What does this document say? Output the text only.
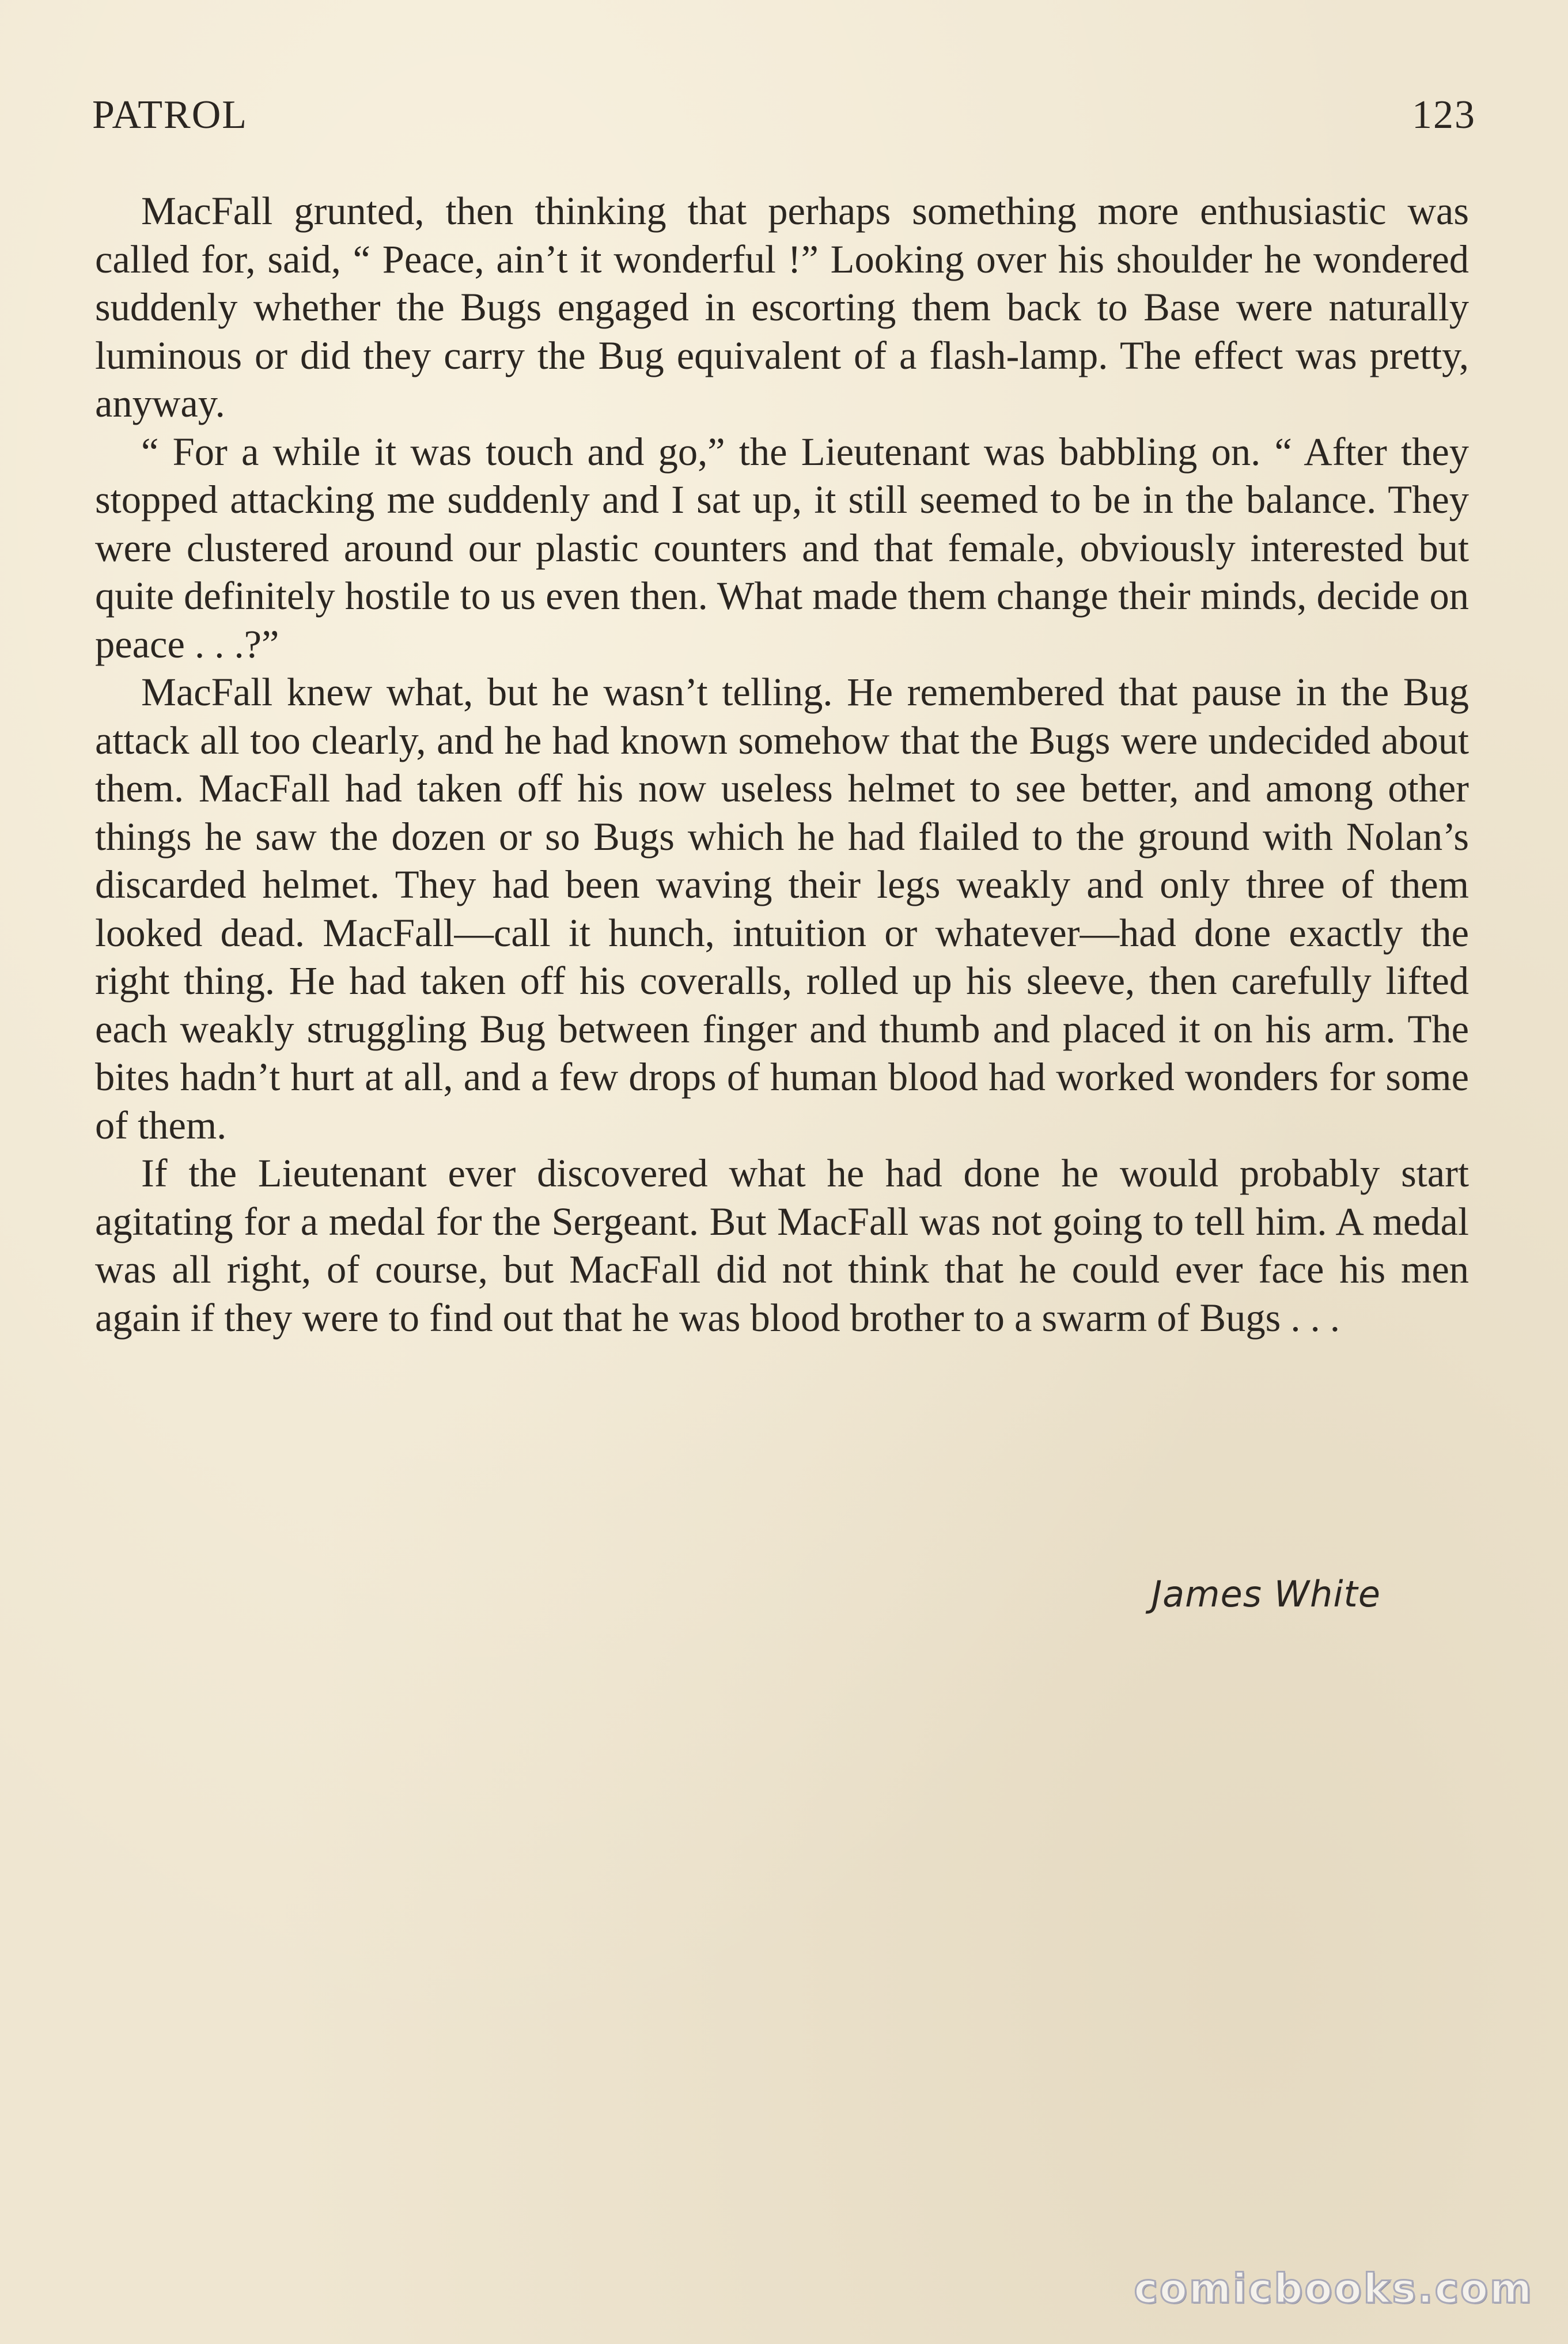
PATROL	123

MacFall grunted, then thinking that perhaps something more enthusiastic was called for, said, “ Peace, ain’t it wonderful !” Looking over his shoulder he wondered suddenly whether the Bugs engaged in escorting them back to Base were naturally luminous or did they carry the Bug equivalent of a flash-lamp. The effect was pretty, anyway.

“ For a while it was touch and go,” the Lieutenant was babbling on. “ After they stopped attacking me suddenly and I sat up, it still seemed to be in the balance. They were clustered around our plastic counters and that female, obviously interested but quite definitely hostile to us even then. What made them change their minds, decide on peace . . .?”

MacFall knew what, but he wasn’t telling. He remembered that pause in the Bug attack all too clearly, and he had known somehow that the Bugs were undecided about them. MacFall had taken off his now useless helmet to see better, and among other things he saw the dozen or so Bugs which he had flailed to the ground with Nolan’s discarded helmet. They had been waving their legs weakly and only three of them looked dead. MacFall—call it hunch, intuition or whatever—had done exactly the right thing. He had taken off his coveralls, rolled up his sleeve, then carefully lifted each weakly struggling Bug between finger and thumb and placed it on his arm. The bites hadn’t hurt at all, and a few drops of human blood had worked wonders for some of them.

If the Lieutenant ever discovered what he had done he would probably start agitating for a medal for the Sergeant. But MacFall was not going to tell him. A medal was all right, of course, but MacFall did not think that he could ever face his men again if they were to find out that he was blood brother to a swarm of Bugs . . .

James White
comicbooks.com
